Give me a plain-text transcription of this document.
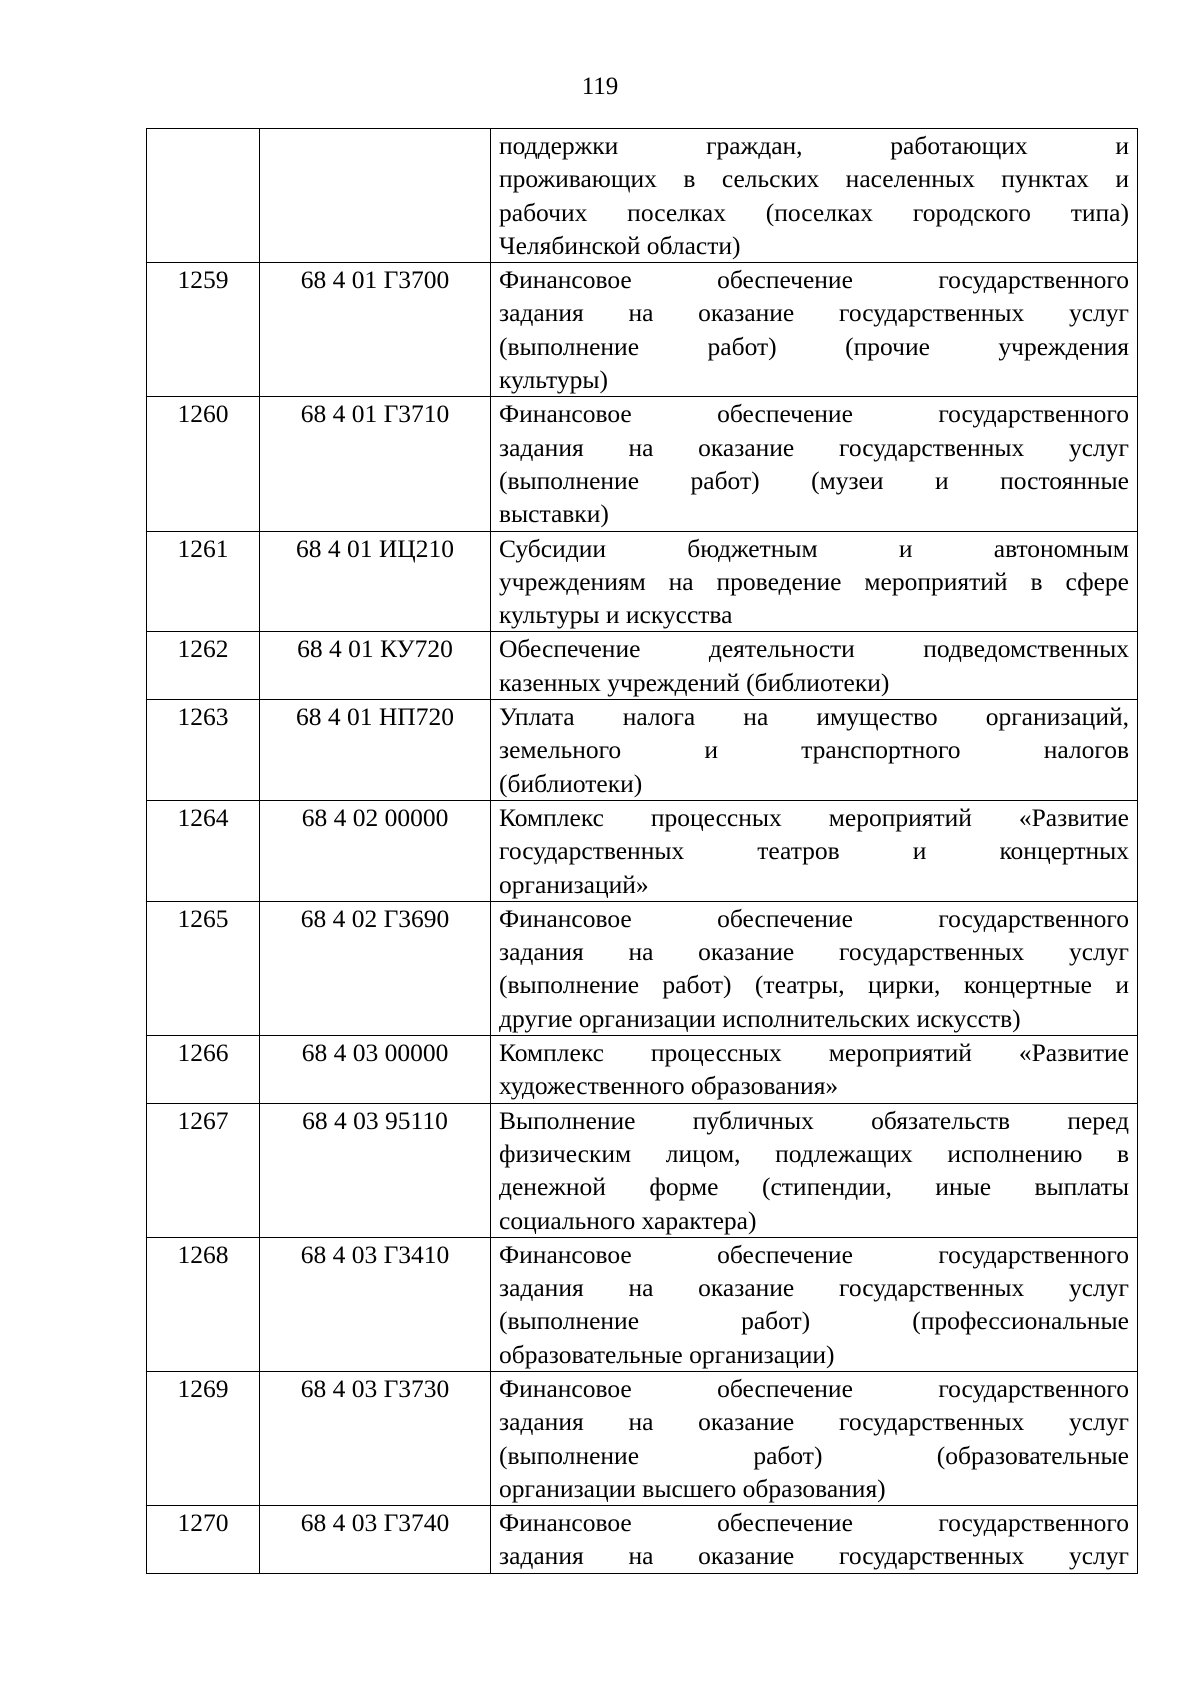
119

		поддержки граждан, работающих и
проживающих в сельских населенных пунктах и
рабочих поселках (поселках городского типа)
Челябинской области)

1259	68 4 01 Г3700	Финансовое обеспечение государственного
задания на оказание государственных услуг
(выполнение работ) (прочие учреждения
культуры)

1260	68 4 01 Г3710	Финансовое обеспечение государственного
задания на оказание государственных услуг
(выполнение работ) (музеи и постоянные
выставки)

1261	68 4 01 ИЦ210	Субсидии бюджетным и автономным
учреждениям на проведение мероприятий в сфере
культуры и искусства

1262	68 4 01 КУ720	Обеспечение деятельности подведомственных
казенных учреждений (библиотеки)

1263	68 4 01 НП720	Уплата налога на имущество организаций,
земельного и транспортного налогов
(библиотеки)

1264	68 4 02 00000	Комплекс процессных мероприятий «Развитие
государственных театров и концертных
организаций»

1265	68 4 02 Г3690	Финансовое обеспечение государственного
задания на оказание государственных услуг
(выполнение работ) (театры, цирки, концертные и
другие организации исполнительских искусств)

1266	68 4 03 00000	Комплекс процессных мероприятий «Развитие
художественного образования»

1267	68 4 03 95110	Выполнение публичных обязательств перед
физическим лицом, подлежащих исполнению в
денежной форме (стипендии, иные выплаты
социального характера)

1268	68 4 03 Г3410	Финансовое обеспечение государственного
задания на оказание государственных услуг
(выполнение работ) (профессиональные
образовательные организации)

1269	68 4 03 Г3730	Финансовое обеспечение государственного
задания на оказание государственных услуг
(выполнение работ) (образовательные
организации высшего образования)

1270	68 4 03 Г3740	Финансовое обеспечение государственного
задания на оказание государственных услуг
